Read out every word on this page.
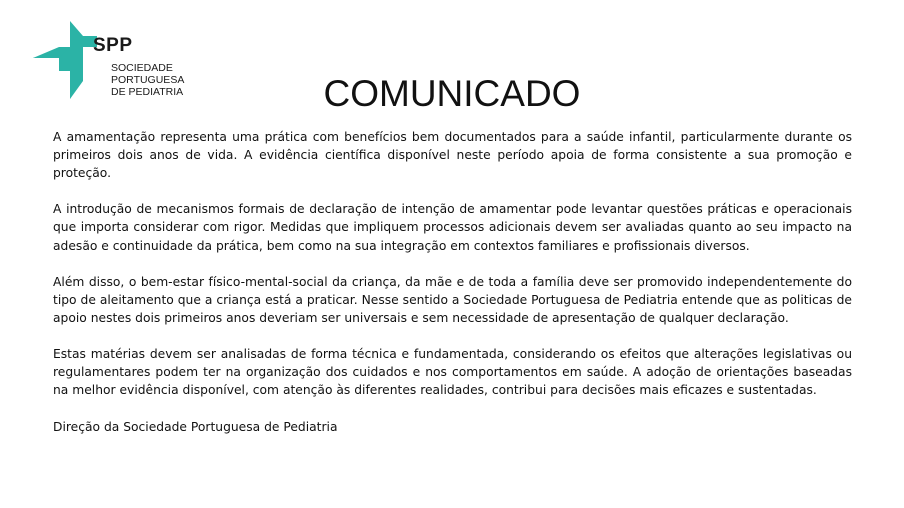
SPP
SOCIEDADE
PORTUGUESA
DE PEDIATRIA	COMUNICADO

A amamentação representa uma prática com benefícios bem documentados para a saúde infantil, particularmente durante os primeiros dois anos de vida. A evidência científica disponível neste período apoia de forma consistente a sua promoção e proteção.

A introdução de mecanismos formais de declaração de intenção de amamentar pode levantar questões práticas e operacionais que importa considerar com rigor. Medidas que impliquem processos adicionais devem ser avaliadas quanto ao seu impacto na adesão e continuidade da prática, bem como na sua integração em contextos familiares e profissionais diversos.

Além disso, o bem-estar físico-mental-social da criança, da mãe e de toda a família deve ser promovido independentemente do tipo de aleitamento que a criança está a praticar. Nesse sentido a Sociedade Portuguesa de Pediatria entende que as politicas de apoio nestes dois primeiros anos deveriam ser universais e sem necessidade de apresentação de qualquer declaração.

Estas matérias devem ser analisadas de forma técnica e fundamentada, considerando os efeitos que alterações legislativas ou regulamentares podem ter na organização dos cuidados e nos comportamentos em saúde. A adoção de orientações baseadas na melhor evidência disponível, com atenção às diferentes realidades, contribui para decisões mais eficazes e sustentadas.

Direção da Sociedade Portuguesa de Pediatria
